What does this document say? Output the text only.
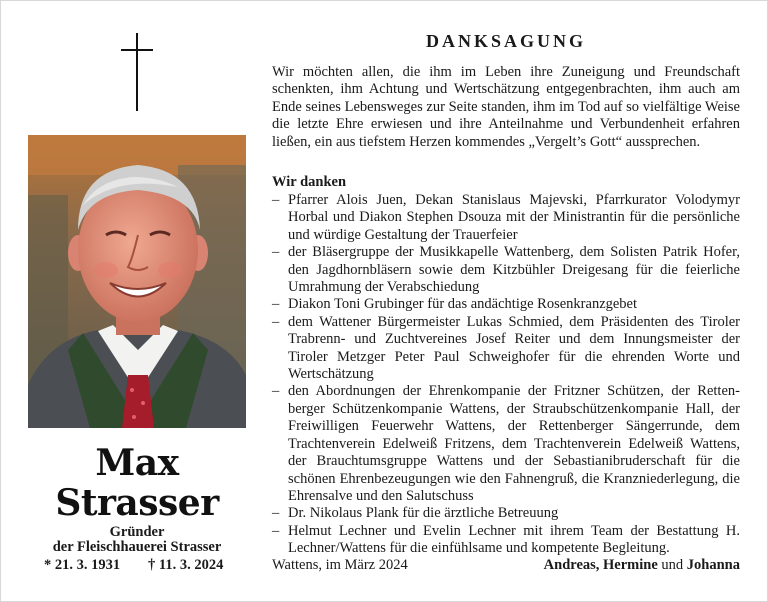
Max
Strasser
Gründer
der Fleischhauerei Strasser
* 21. 3. 1931 † 11. 3. 2024
DANKSAGUNG

Wir möchten allen, die ihm im Leben ihre Zuneigung und Freundschaft schenkten, ihm Achtung und Wertschätzung entgegenbrachten, ihm auch am Ende seines Lebensweges zur Seite standen, ihm im Tod auf so vielfältige Weise die letzte Ehre erwiesen und ihre Anteilnahme und Verbundenheit erfahren ließen, ein aus tiefstem Herzen kommendes „Vergelt’s Gott“ aussprechen.

Wir danken
– Pfarrer Alois Juen, Dekan Stanislaus Majevski, Pfarrkurator Volodymyr Horbal und Diakon Stephen Dsouza mit der Ministrantin für die persönliche und würdige Gestaltung der Trauerfeier
– der Bläsergruppe der Musikkapelle Wattenberg, dem Solisten Patrik Hofer, den Jagdhornbläsern sowie dem Kitzbühler Dreigesang für die feierliche Umrahmung der Verabschiedung
– Diakon Toni Grubinger für das andächtige Rosenkranzgebet
– dem Wattener Bürgermeister Lukas Schmied, dem Präsidenten des Tiroler Trabrenn- und Zuchtvereines Josef Reiter und dem Innungsmeister der Tiroler Metzger Peter Paul Schweighofer für die ehrenden Worte und Wertschätzung
– den Abordnungen der Ehrenkompanie der Fritzner Schützen, der Rettenberger Schützenkompanie Wattens, der Straubschützenkompanie Hall, der Freiwilligen Feuerwehr Wattens, der Rettenberger Sängerrunde, dem Trachtenverein Edelweiß Fritzens, dem Trachtenverein Edelweiß Wattens, der Brauchtumsgruppe Wattens und der Sebastianibruderschaft für die schönen Ehrenbezeugungen wie den Fahnengruß, die Kranzniederlegung, die Ehrensalve und den Salutschuss
– Dr. Nikolaus Plank für die ärztliche Betreuung
– Helmut Lechner und Evelin Lechner mit ihrem Team der Bestattung H. Lechner/Wattens für die einfühlsame und kompetente Begleitung.
Wattens, im März 2024	Andreas, Hermine und Johanna
